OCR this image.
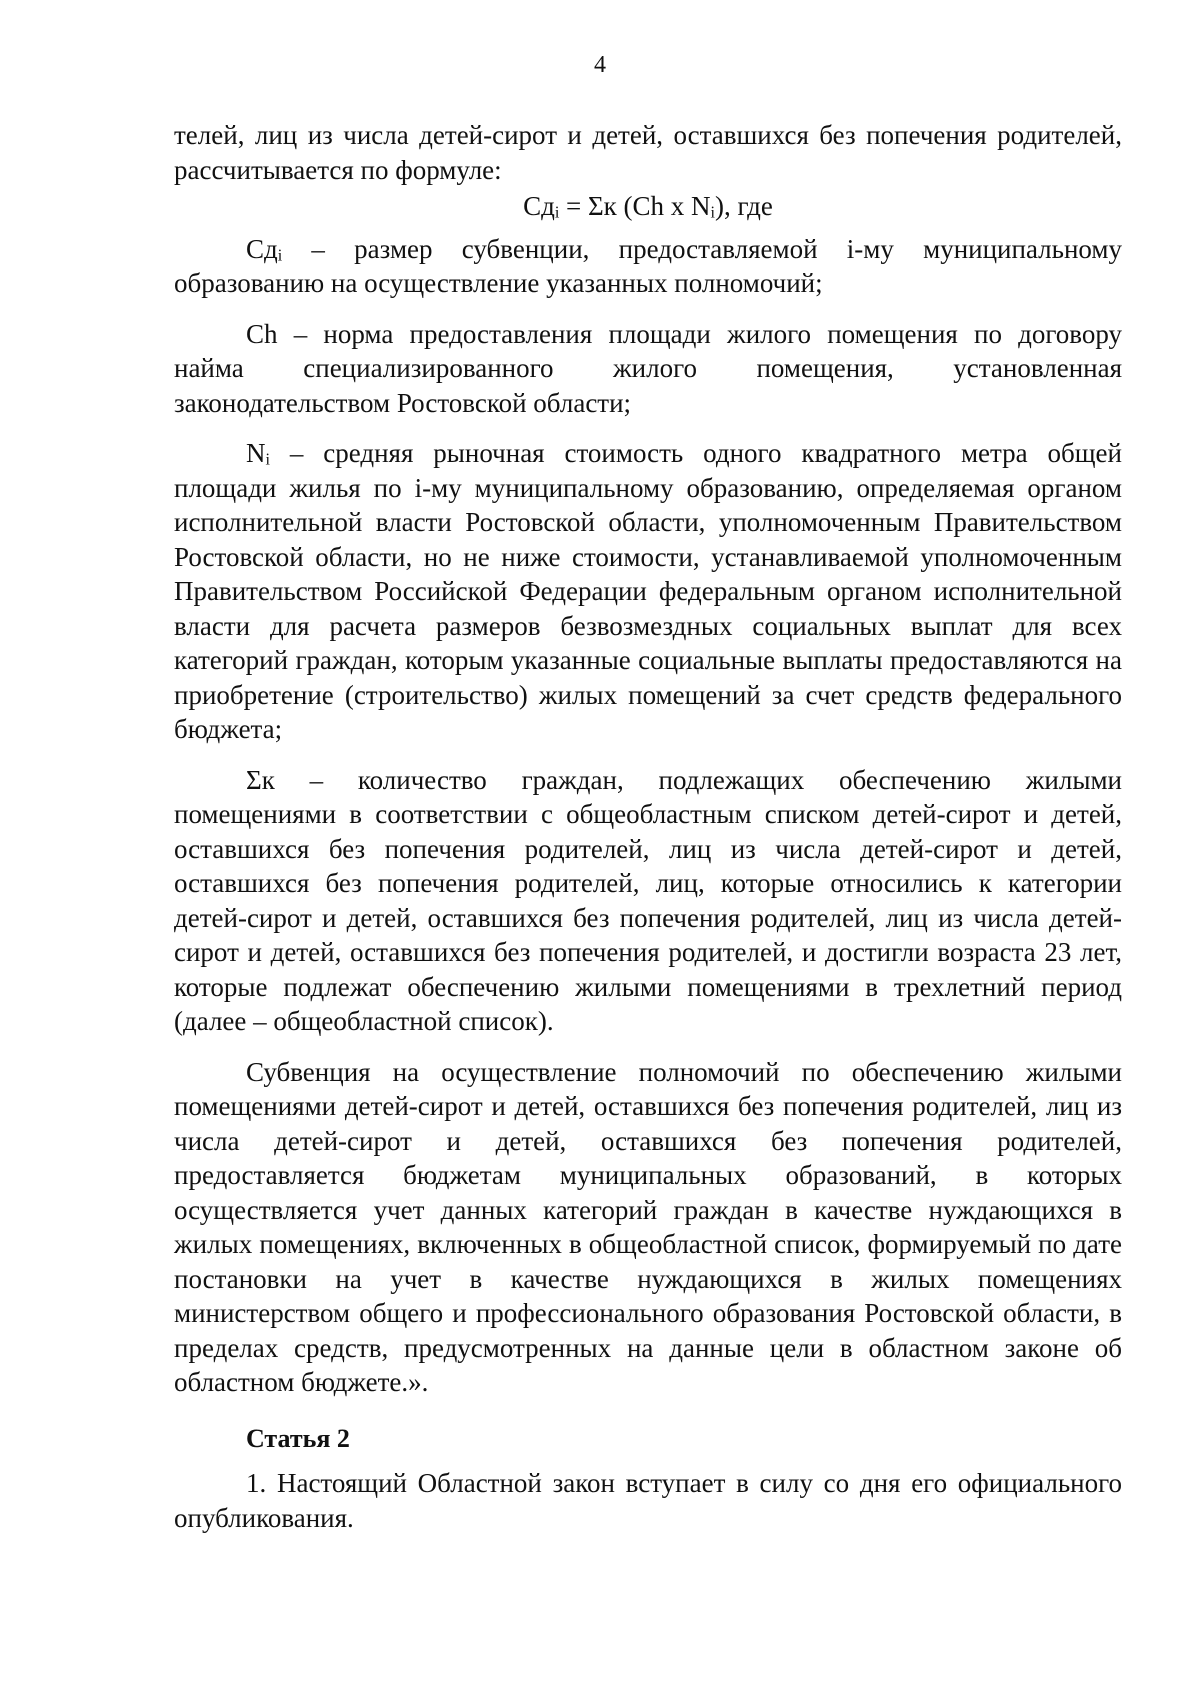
4

телей, лиц из числа детей-сирот и детей, оставшихся без попечения родителей, рассчитывается по формуле:

Сдᵢ = Σк (Ch x Nᵢ), где

Сдᵢ – размер субвенции, предоставляемой i-му муниципальному образованию на осуществление указанных полномочий;

Ch – норма предоставления площади жилого помещения по договору найма специализированного жилого помещения, установленная законодательством Ростовской области;

Nᵢ – средняя рыночная стоимость одного квадратного метра общей площади жилья по i-му муниципальному образованию, определяемая органом исполнительной власти Ростовской области, уполномоченным Правительством Ростовской области, но не ниже стоимости, устанавливаемой уполномоченным Правительством Российской Федерации федеральным органом исполнительной власти для расчета размеров безвозмездных социальных выплат для всех категорий граждан, которым указанные социальные выплаты предоставляются на приобретение (строительство) жилых помещений за счет средств федерального бюджета;

Σк – количество граждан, подлежащих обеспечению жилыми помещениями в соответствии с общеобластным списком детей-сирот и детей, оставшихся без попечения родителей, лиц из числа детей-сирот и детей, оставшихся без попечения родителей, лиц, которые относились к категории детей-сирот и детей, оставшихся без попечения родителей, лиц из числа детей-сирот и детей, оставшихся без попечения родителей, и достигли возраста 23 лет, которые подлежат обеспечению жилыми помещениями в трехлетний период (далее – общеобластной список).

Субвенция на осуществление полномочий по обеспечению жилыми помещениями детей-сирот и детей, оставшихся без попечения родителей, лиц из числа детей-сирот и детей, оставшихся без попечения родителей, предоставляется бюджетам муниципальных образований, в которых осуществляется учет данных категорий граждан в качестве нуждающихся в жилых помещениях, включенных в общеобластной список, формируемый по дате постановки на учет в качестве нуждающихся в жилых помещениях министерством общего и профессионального образования Ростовской области, в пределах средств, предусмотренных на данные цели в областном законе об областном бюджете.».

Статья 2

1. Настоящий Областной закон вступает в силу со дня его официального опубликования.
